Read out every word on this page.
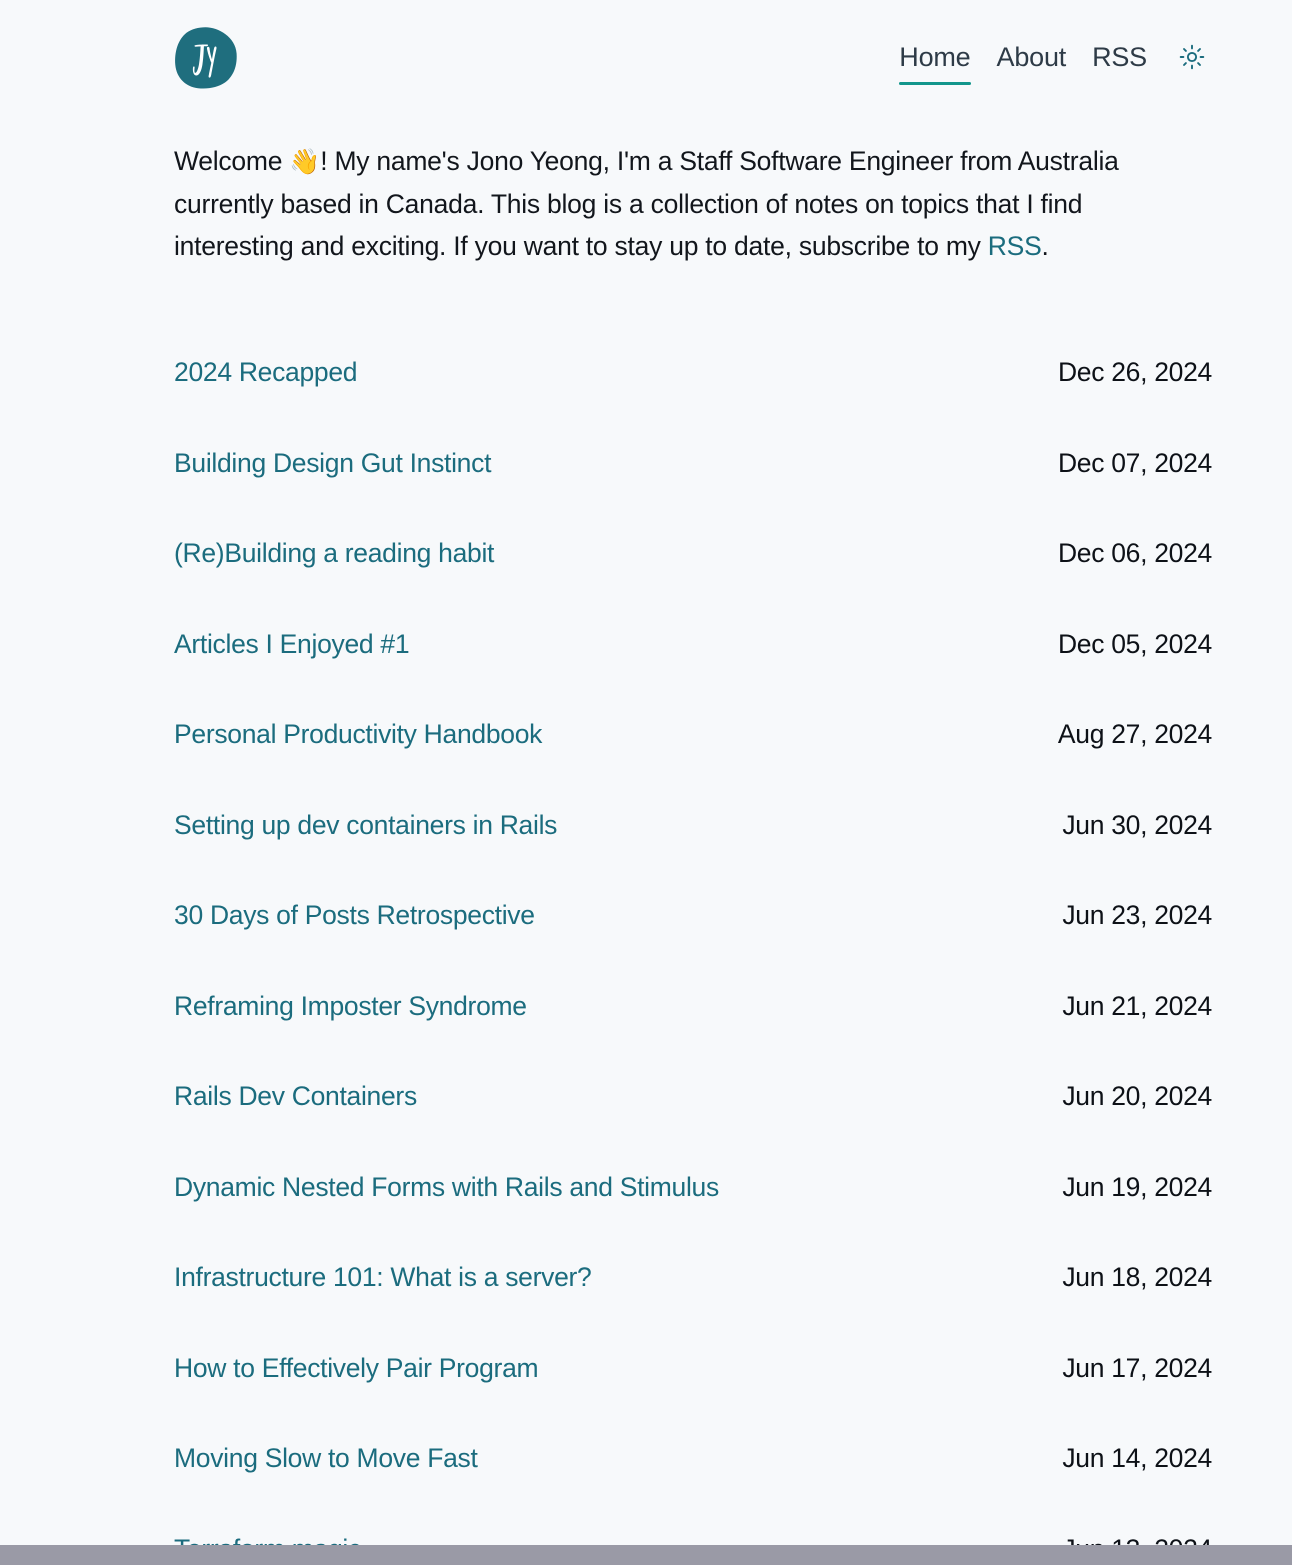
Home About RSS

Welcome 👋! My name's Jono Yeong, I'm a Staff Software Engineer from Australia currently based in Canada. This blog is a collection of notes on topics that I find interesting and exciting. If you want to stay up to date, subscribe to my RSS.

2024 Recapped	Dec 26, 2024
Building Design Gut Instinct	Dec 07, 2024
(Re)Building a reading habit	Dec 06, 2024
Articles I Enjoyed #1	Dec 05, 2024
Personal Productivity Handbook	Aug 27, 2024
Setting up dev containers in Rails	Jun 30, 2024
30 Days of Posts Retrospective	Jun 23, 2024
Reframing Imposter Syndrome	Jun 21, 2024
Rails Dev Containers	Jun 20, 2024
Dynamic Nested Forms with Rails and Stimulus	Jun 19, 2024
Infrastructure 101: What is a server?	Jun 18, 2024
How to Effectively Pair Program	Jun 17, 2024
Moving Slow to Move Fast	Jun 14, 2024
